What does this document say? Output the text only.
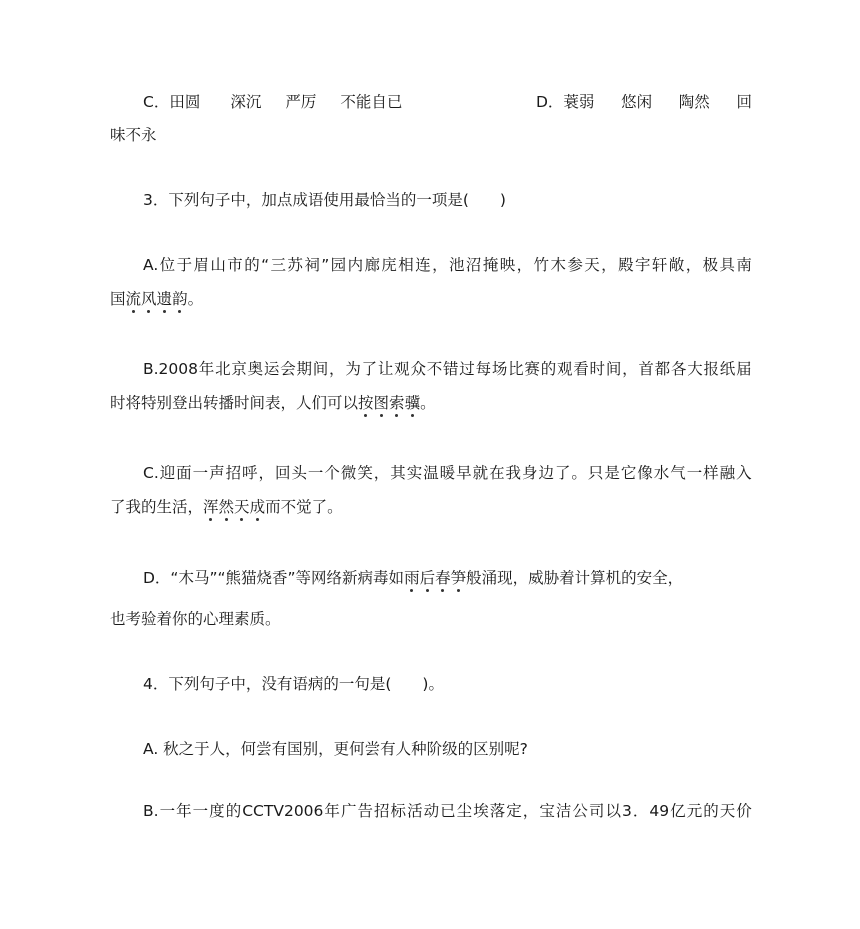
C．田圆 深沉 严厉 不能自已	D．蓑弱 悠闲 陶然 回
味不永
3．下列句子中，加点成语使用最恰当的一项是(　　)
A. 位 于 眉 山 市 的 “ 三 苏 祠 ” 园 内 廊 庑 相 连 ， 池 沼 掩 映 ， 竹 木 参 天 ， 殿 宇 轩 敞 ， 极 具 南
国流风遗韵。
B.2008 年 北 京 奥 运 会 期 间 ， 为 了 让 观 众 不 错 过 每 场 比 赛 的 观 看 时 间 ， 首 都 各 大 报 纸 届
时将特别登出转播时间表，人们可以按图索骥。
C. 迎 面 一 声 招 呼 ， 回 头 一 个 微 笑 ， 其 实 温 暖 早 就 在 我 身 边 了 。 只 是 它 像 水 气 一 样 融 入
了我的生活，浑然天成而不觉了。
D．“木马”“熊猫烧香”等网络新病毒如雨后春笋般涌现，威胁着计算机的安全，
也考验着你的心理素质。
4．下列句子中，没有语病的一句是(　　)。
A. 秋之于人，何尝有国别，更何尝有人种阶级的区别呢?
B. 一 年 一 度 的 CCTV2006 年 广 告 招 标 活 动 已 尘 埃 落 定 ， 宝 洁 公 司 以 3 ． 49 亿 元 的 天 价
